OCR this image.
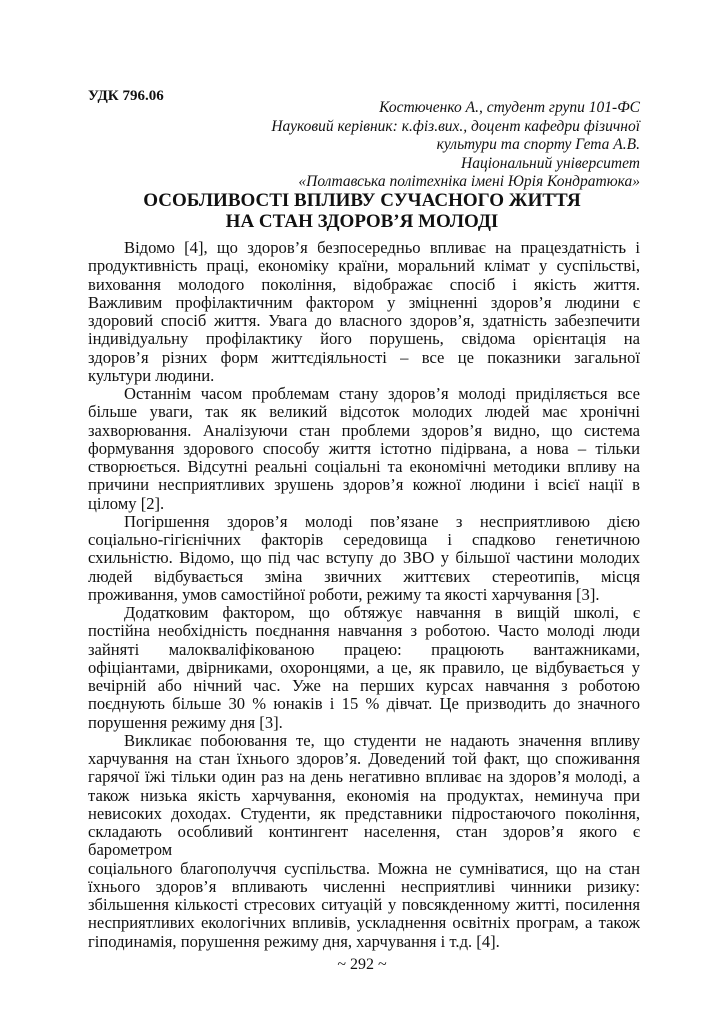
УДК 796.06
Костюченко А., студент групи 101-ФС
Науковий керівник: к.фіз.вих., доцент кафедри фізичної
культури та спорту Гета А.В.
Національний університет
«Полтавська політехніка імені Юрія Кондратюка»
ОСОБЛИВОСТІ ВПЛИВУ СУЧАСНОГО ЖИТТЯ
НА СТАН ЗДОРОВ’Я МОЛОДІ
Відомо [4], що здоров’я безпосередньо впливає на працездатність і
продуктивність праці, економіку країни, моральний клімат у суспільстві,
виховання молодого покоління, відображає спосіб і якість життя.
Важливим профілактичним фактором у зміцненні здоров’я людини є
здоровий спосіб життя. Увага до власного здоров’я, здатність забезпечити
індивідуальну профілактику його порушень, свідома орієнтація на
здоров’я різних форм життєдіяльності – все це показники загальної
культури людини.
Останнім часом проблемам стану здоров’я молоді приділяється все
більше уваги, так як великий відсоток молодих людей має хронічні
захворювання. Аналізуючи стан проблеми здоров’я видно, що система
формування здорового способу життя істотно підірвана, а нова – тільки
створюється. Відсутні реальні соціальні та економічні методики впливу на
причини несприятливих зрушень здоров’я кожної людини і всієї нації в
цілому [2].
Погіршення здоров’я молоді пов’язане з несприятливою дією
соціально-гігієнічних факторів середовища і спадково генетичною
схильністю. Відомо, що під час вступу до ЗВО у більшої частини молодих
людей відбувається зміна звичних життєвих стереотипів, місця
проживання, умов самостійної роботи, режиму та якості харчування [3].
Додатковим фактором, що обтяжує навчання в вищій школі, є
постійна необхідність поєднання навчання з роботою. Часто молоді люди
зайняті малокваліфікованою працею: працюють вантажниками,
офіціантами, двірниками, охоронцями, а це, як правило, це відбувається у
вечірній або нічний час. Уже на перших курсах навчання з роботою
поєднують більше 30 % юнаків і 15 % дівчат. Це призводить до значного
порушення режиму дня [3].
Викликає побоювання те, що студенти не надають значення впливу
харчування на стан їхнього здоров’я. Доведений той факт, що споживання
гарячої їжі тільки один раз на день негативно впливає на здоров’я молоді, а
також низька якість харчування, економія на продуктах, неминуча при
невисоких доходах. Студенти, як представники підростаючого покоління,
складають особливий контингент населення, стан здоров’я якого є барометром
соціального благополуччя суспільства. Можна не сумніватися, що на стан
їхнього здоров’я впливають численні несприятливі чинники ризику:
збільшення кількості стресових ситуацій у повсякденному житті, посилення
несприятливих екологічних впливів, ускладнення освітніх програм, а також
гіподинамія, порушення режиму дня, харчування і т.д. [4].
~ 292 ~
